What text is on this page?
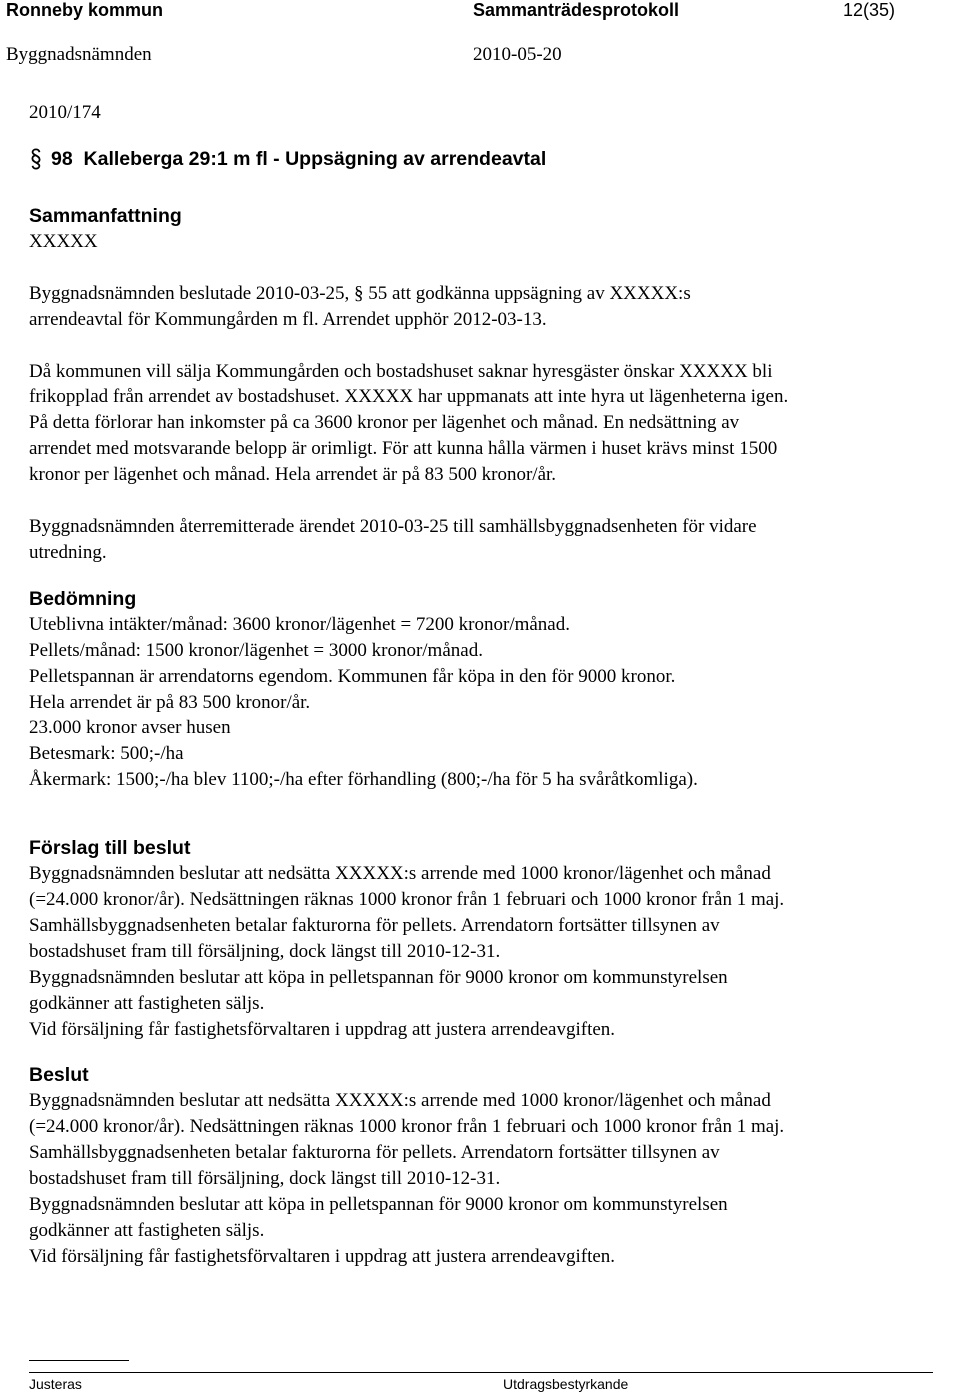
Ronneby kommun	Sammanträdesprotokoll	12(35)
Byggnadsnämnden	2010-05-20
2010/174
98  Kalleberga 29:1 m fl - Uppsägning av arrendeavtal
Sammanfattning
XXXXX

Byggnadsnämnden beslutade 2010-03-25, § 55 att godkänna uppsägning av XXXXX:s
arrendeavtal för Kommungården m fl. Arrendet upphör 2012-03-13.

Då kommunen vill sälja Kommungården och bostadshuset saknar hyresgäster önskar XXXXX bli
frikopplad från arrendet av bostadshuset. XXXXX har uppmanats att inte hyra ut lägenheterna igen.
På detta förlorar han inkomster på ca 3600 kronor per lägenhet och månad. En nedsättning av
arrendet med motsvarande belopp är orimligt. För att kunna hålla värmen i huset krävs minst 1500
kronor per lägenhet och månad. Hela arrendet är på 83 500 kronor/år.

Byggnadsnämnden återremitterade ärendet 2010-03-25 till samhällsbyggnadsenheten för vidare
utredning.
Bedömning
Uteblivna intäkter/månad: 3600 kronor/lägenhet = 7200 kronor/månad.
Pellets/månad: 1500 kronor/lägenhet = 3000 kronor/månad.
Pelletspannan är arrendatorns egendom. Kommunen får köpa in den för 9000 kronor.
Hela arrendet är på 83 500 kronor/år.
23.000 kronor avser husen
Betesmark: 500;-/ha
Åkermark: 1500;-/ha blev 1100;-/ha efter förhandling (800;-/ha för 5 ha svåråtkomliga).
Förslag till beslut
Byggnadsnämnden beslutar att nedsätta XXXXX:s arrende med 1000 kronor/lägenhet och månad
(=24.000 kronor/år). Nedsättningen räknas 1000 kronor från 1 februari och 1000 kronor från 1 maj.
Samhällsbyggnadsenheten betalar fakturorna för pellets. Arrendatorn fortsätter tillsynen av
bostadshuset fram till försäljning, dock längst till 2010-12-31.
Byggnadsnämnden beslutar att köpa in pelletspannan för 9000 kronor om kommunstyrelsen
godkänner att fastigheten säljs.
Vid försäljning får fastighetsförvaltaren i uppdrag att justera arrendeavgiften.
Beslut
Byggnadsnämnden beslutar att nedsätta XXXXX:s arrende med 1000 kronor/lägenhet och månad
(=24.000 kronor/år). Nedsättningen räknas 1000 kronor från 1 februari och 1000 kronor från 1 maj.
Samhällsbyggnadsenheten betalar fakturorna för pellets. Arrendatorn fortsätter tillsynen av
bostadshuset fram till försäljning, dock längst till 2010-12-31.
Byggnadsnämnden beslutar att köpa in pelletspannan för 9000 kronor om kommunstyrelsen
godkänner att fastigheten säljs.
Vid försäljning får fastighetsförvaltaren i uppdrag att justera arrendeavgiften.
Justeras	Utdragsbestyrkande
